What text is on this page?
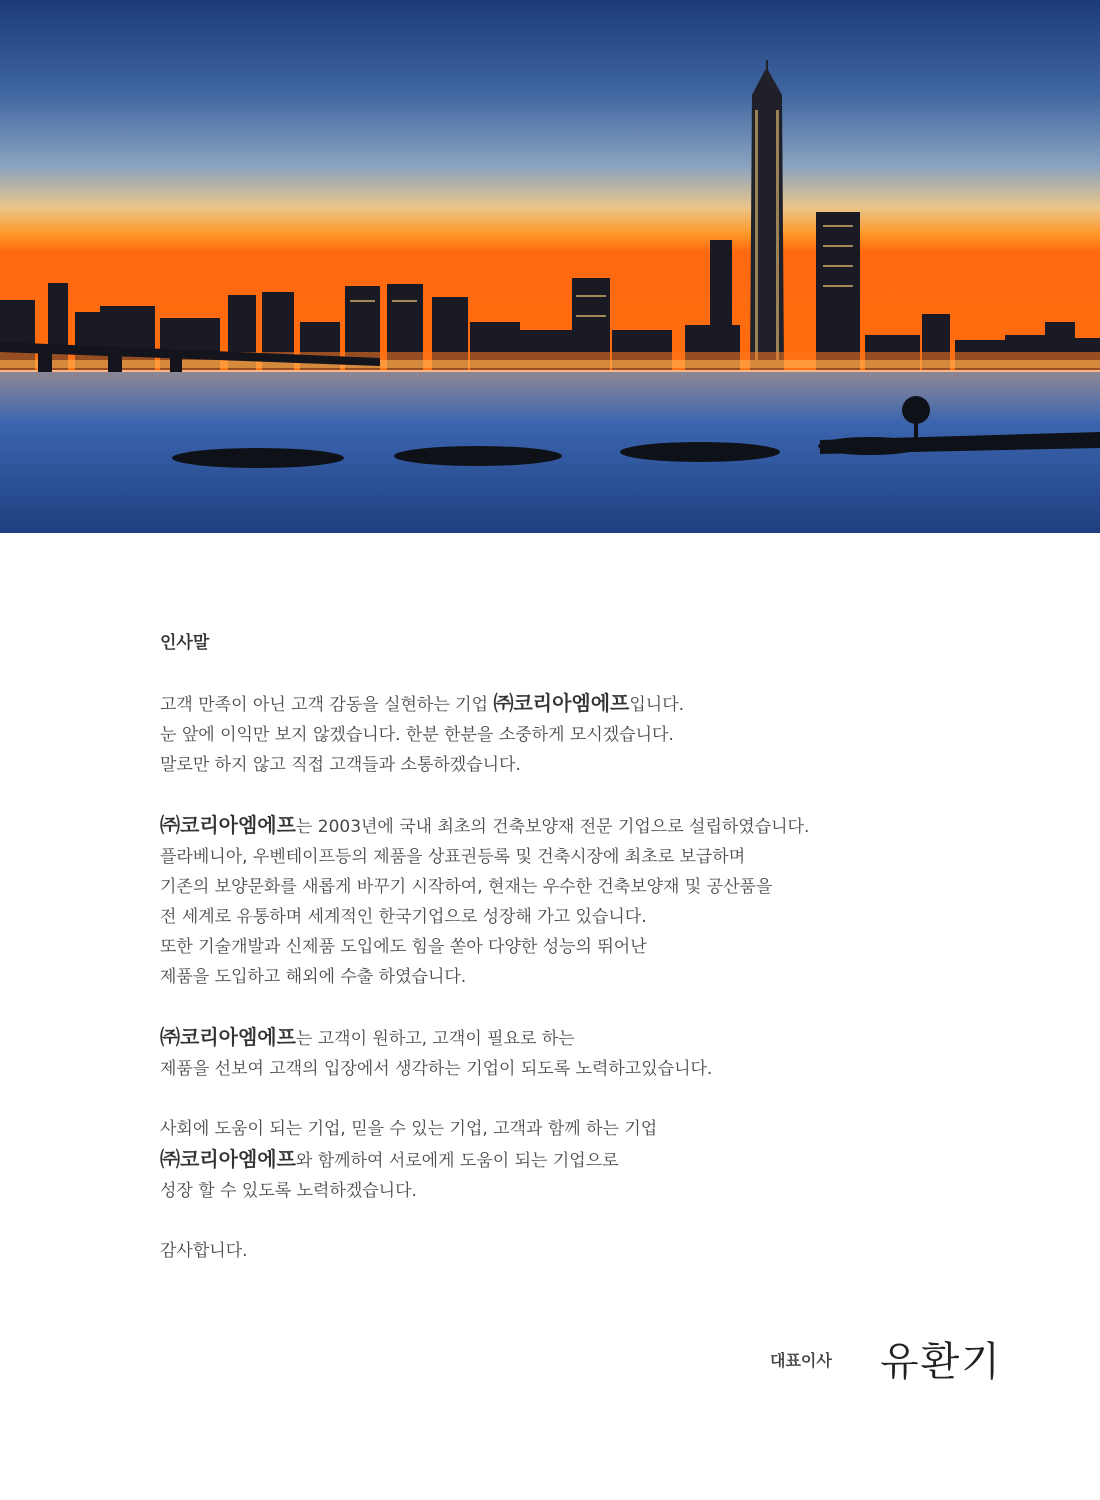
인사말
고객 만족이 아닌 고객 감동을 실현하는 기업 ㈜코리아엠에프입니다.
눈 앞에 이익만 보지 않겠습니다. 한분 한분을 소중하게 모시겠습니다.
말로만 하지 않고 직접 고객들과 소통하겠습니다.
㈜코리아엠에프는 2003년에 국내 최초의 건축보양재 전문 기업으로 설립하였습니다.
플라베니아, 우벤테이프등의 제품을 상표권등록 및 건축시장에 최초로 보급하며
기존의 보양문화를 새롭게 바꾸기 시작하여, 현재는 우수한 건축보양재 및 공산품을
전 세계로 유통하며 세계적인 한국기업으로 성장해 가고 있습니다.
또한 기술개발과 신제품 도입에도 힘을 쏟아 다양한 성능의 뛰어난
제품을 도입하고 해외에 수출 하였습니다.
㈜코리아엠에프는 고객이 원하고, 고객이 필요로 하는
제품을 선보여 고객의 입장에서 생각하는 기업이 되도록 노력하고있습니다.
사회에 도움이 되는 기업, 믿을 수 있는 기업, 고객과 함께 하는 기업
㈜코리아엠에프와 함께하여 서로에게 도움이 되는 기업으로
성장 할 수 있도록 노력하겠습니다.
감사합니다.
대표이사 유환기
